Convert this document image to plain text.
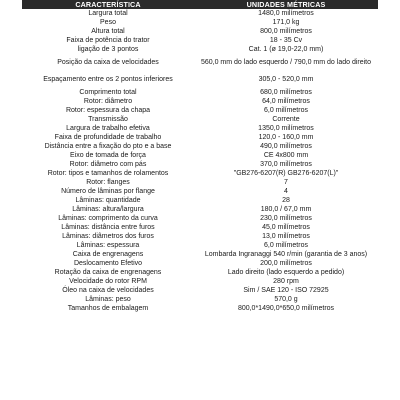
CARACTERÍSTICA	UNIDADES MÉTRICAS
Largura total	1480,0 milímetros
Peso	171,0 kg
Altura total	800,0 milímetros
Faixa de potência do trator	18 - 35 Cv
ligação de 3 pontos	Cat. 1 (ø 19,0-22,0 mm)
Posição da caixa de velocidades	560,0 mm do lado esquerdo / 790,0 mm do lado direito
Espaçamento entre os 2 pontos inferiores	305,0 - 520,0 mm
Comprimento total	680,0 milímetros
Rotor: diâmetro	64,0 milímetros
Rotor: espessura da chapa	6,0 milímetros
Transmissão	Corrente
Largura de trabalho efetiva	1350,0 milímetros
Faixa de profundidade de trabalho	120,0 - 160,0 mm
Distância entre a fixação do pto e a base	490,0 milímetros
Eixo de tomada de força	CE 4x800 mm
Rotor: diâmetro com pás	370,0 milímetros
Rotor: tipos e tamanhos de rolamentos	"GB276-6207(R) GB276-6207(L)"
Rotor: flanges	7
Número de lâminas por flange	4
Lâminas: quantidade	28
Lâminas: altura/largura	180,0 / 67,0 mm
Lâminas: comprimento da curva	230,0 milímetros
Lâminas: distância entre furos	45,0 milímetros
Lâminas: diâmetros dos furos	13,0 milímetros
Lâminas: espessura	6,0 milímetros
Caixa de engrenagens	Lombarda Ingranaggi 540 r/min (garantia de 3 anos)
Deslocamento Efetivo	200,0 milímetros
Rotação da caixa de engrenagens	Lado direito (lado esquerdo a pedido)
Velocidade do rotor RPM	280 rpm
Óleo na caixa de velocidades	Sim / SAE 120 - ISO 72925
Lâminas: peso	570,0 g
Tamanhos de embalagem	800,0*1490,0*650,0 milímetros
